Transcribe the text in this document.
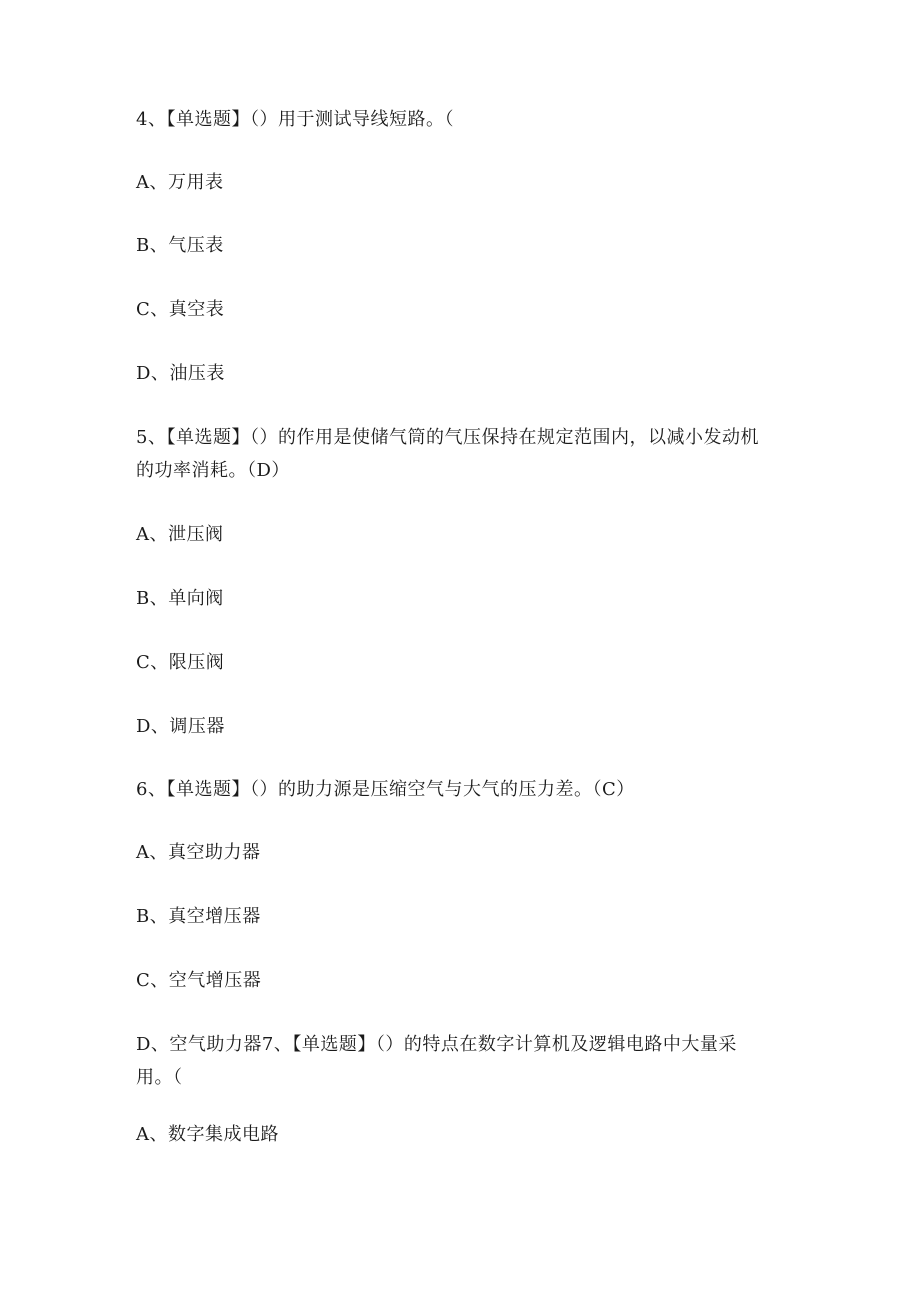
4、【单选题】（）用于测试导线短路。（
A、万用表
B、气压表
C、真空表
D、油压表
5、【单选题】（）的作用是使储气筒的气压保持在规定范围内，以减小发动机
的功率消耗。（D）
A、泄压阀
B、单向阀
C、限压阀
D、调压器
6、【单选题】（）的助力源是压缩空气与大气的压力差。（C）
A、真空助力器
B、真空增压器
C、空气增压器
D、空气助力器7、【单选题】（）的特点在数字计算机及逻辑电路中大量采
用。（
A、数字集成电路
